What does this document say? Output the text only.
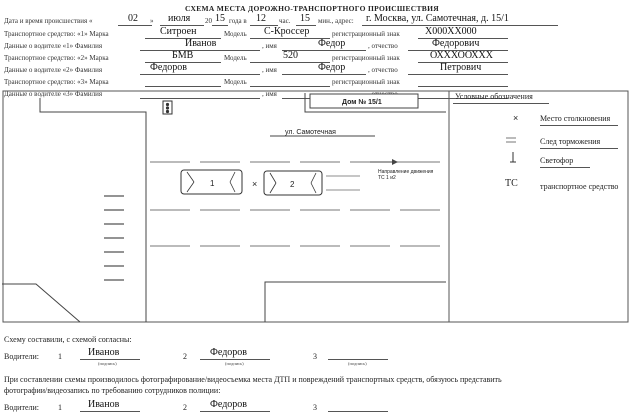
СХЕМА МЕСТА ДОРОЖНО-ТРАНСПОРТНОГО ПРОИСШЕСТВИЯ
Дата и время происшествия «	02 » июля 20 15 года в 12 час. 15 мин., адрес: г. Москва, ул. Самотечная, д. 15/1
Транспортное средство: «1» Марка	Ситроен	Модель С-Кроссер	регистрационный знак	Х000ХХ000
Данные о водителе «1» Фамилия	Иванов	, имя	Федор	, отчество	Федорович
Транспортное средство: «2» Марка	БМВ	Модель	520	регистрационный знак	ОХХХООХХХ
Данные о водителе «2» Фамилия	Федоров	, имя	Федор	, отчество	Петрович
Транспортное средство: «3» Марка	Модель	регистрационный знак
Данные о водителе «3» Фамилия	, имя
Дом № 15/1
ул. Самотечная
Направление движения
ТС 1 и2
1	×	2
×
Условные обозначения
Место столкновения
След торможения
Светофор
ТС	транспортное средство
Схему составили, с схемой согласны:
Водители: 1	Иванов
(подпись)
2 Федоров
(подпись)
3
(подпись)
При составлении схемы производилось фотографирование/видеосъемка места ДТП и повреждений транспортных средств, обязуюсь представить
фотографии/видеозапись по требованию сотрудников полиции:
Водители: 1	Иванов	2 Федоров	3
